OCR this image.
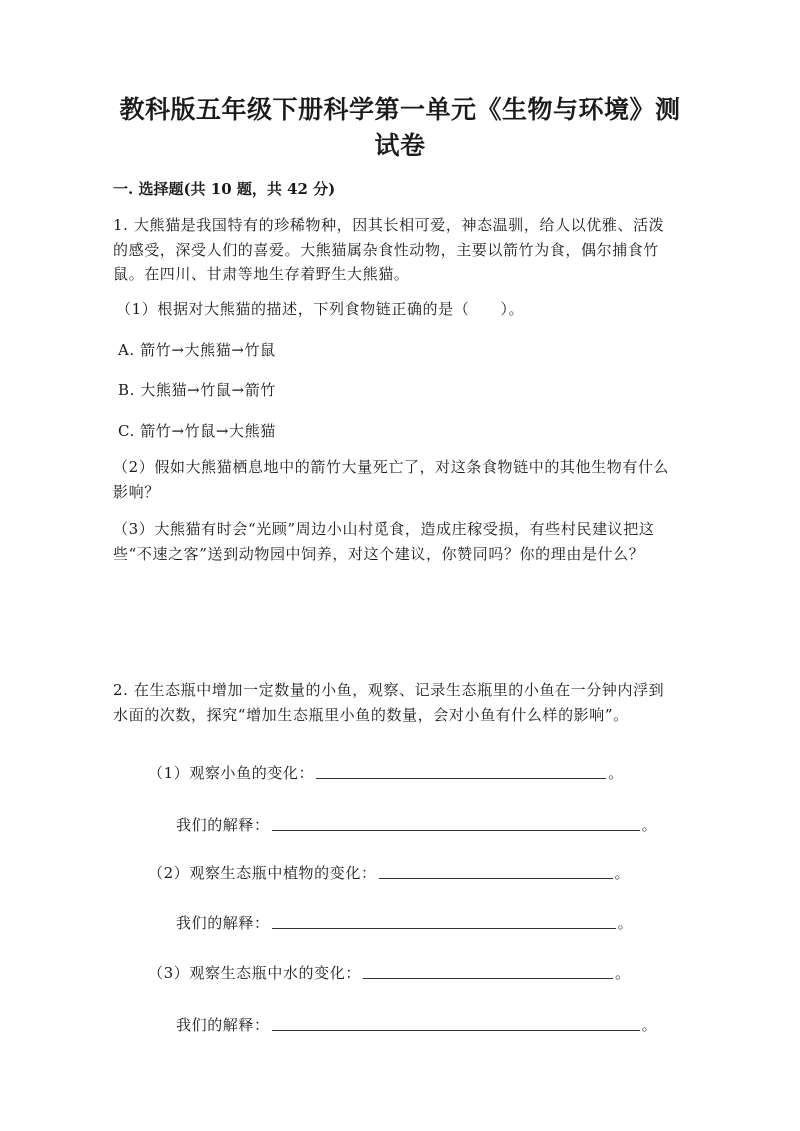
教科版五年级下册科学第一单元《生物与环境》测
试卷
一. 选择题(共 10 题，共 42 分)
1. 大熊猫是我国特有的珍稀物种，因其长相可爱，神态温驯，给人以优雅、活泼的感受，深受人们的喜爱。大熊猫属杂食性动物，主要以箭竹为食，偶尔捕食竹鼠。在四川、甘肃等地生存着野生大熊猫。
（1）根据对大熊猫的描述，下列食物链正确的是（　　）。
A. 箭竹→大熊猫→竹鼠
B. 大熊猫→竹鼠→箭竹
C. 箭竹→竹鼠→大熊猫
（2）假如大熊猫栖息地中的箭竹大量死亡了，对这条食物链中的其他生物有什么影响？
（3）大熊猫有时会“光顾”周边小山村觅食，造成庄稼受损，有些村民建议把这些“不速之客”送到动物园中饲养，对这个建议，你赞同吗？你的理由是什么？
2. 在生态瓶中增加一定数量的小鱼，观察、记录生态瓶里的小鱼在一分钟内浮到水面的次数，探究“增加生态瓶里小鱼的数量，会对小鱼有什么样的影响”。
（1）观察小鱼的变化：	。
我们的解释：	。
（2）观察生态瓶中植物的变化：	。
我们的解释：	。
（3）观察生态瓶中水的变化：	。
我们的解释：	。
